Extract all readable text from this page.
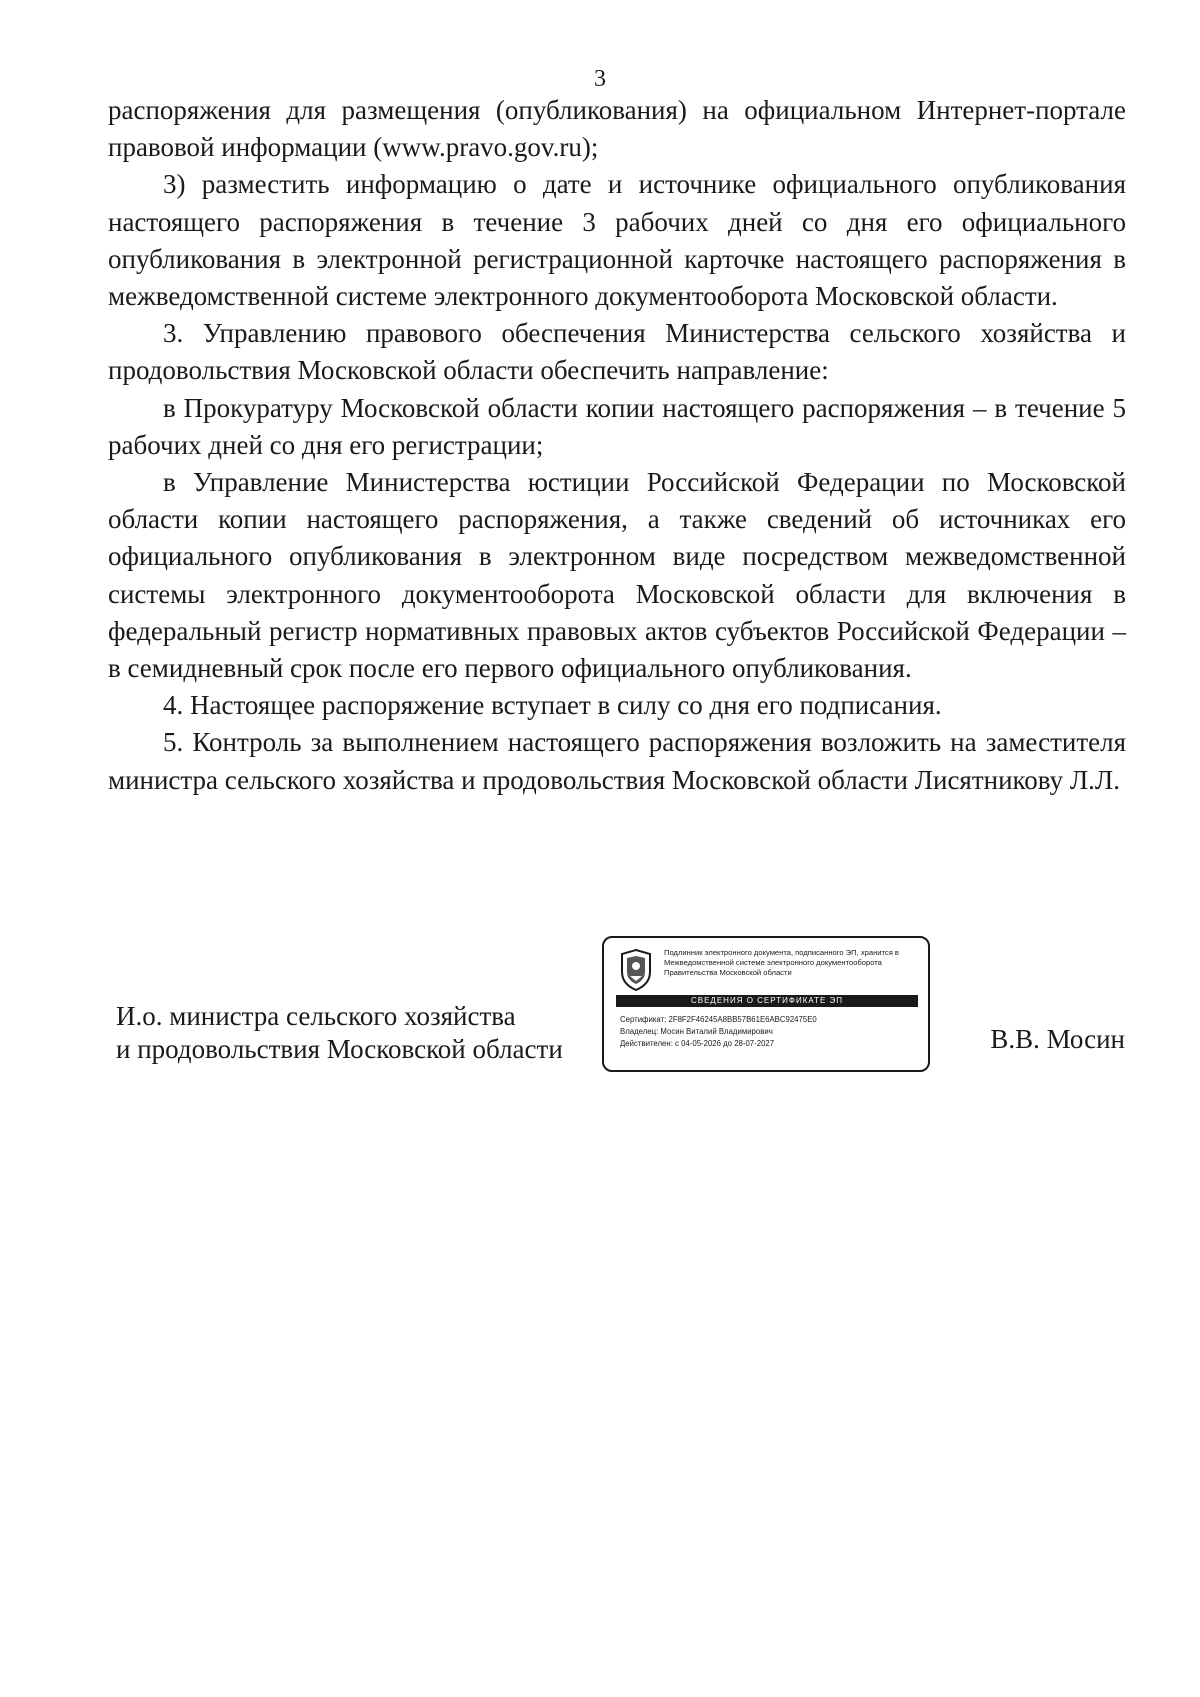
3

распоряжения для размещения (опубликования) на официальном Интернет-портале правовой информации (www.pravo.gov.ru);

3) разместить информацию о дате и источнике официального опубликования настоящего распоряжения в течение 3 рабочих дней со дня его официального опубликования в электронной регистрационной карточке настоящего распоряжения в межведомственной системе электронного документооборота Московской области.

3. Управлению правового обеспечения Министерства сельского хозяйства и продовольствия Московской области обеспечить направление:

в Прокуратуру Московской области копии настоящего распоряжения – в течение 5 рабочих дней со дня его регистрации;

в Управление Министерства юстиции Российской Федерации по Московской области копии настоящего распоряжения, а также сведений об источниках его официального опубликования в электронном виде посредством межведомственной системы электронного документооборота Московской области для включения в федеральный регистр нормативных правовых актов субъектов Российской Федерации – в семидневный срок после его первого официального опубликования.

4. Настоящее распоряжение вступает в силу со дня его подписания.

5. Контроль за выполнением настоящего распоряжения возложить на заместителя министра сельского хозяйства и продовольствия Московской области Лисятникову Л.Л.

И.о. министра сельского хозяйства
и продовольствия Московской области
Подлинник электронного документа, подписанного ЭП, хранится в Межведомственной системе электронного документооборота Правительства Московской области
СВЕДЕНИЯ О СЕРТИФИКАТЕ ЭП
Сертификат: 2F8F2F46245A8BB57B61E6ABC92475E0
Владелец: Мосин Виталий Владимирович
Действителен: с 04-05-2026 до 28-07-2027	В.В. Мосин
